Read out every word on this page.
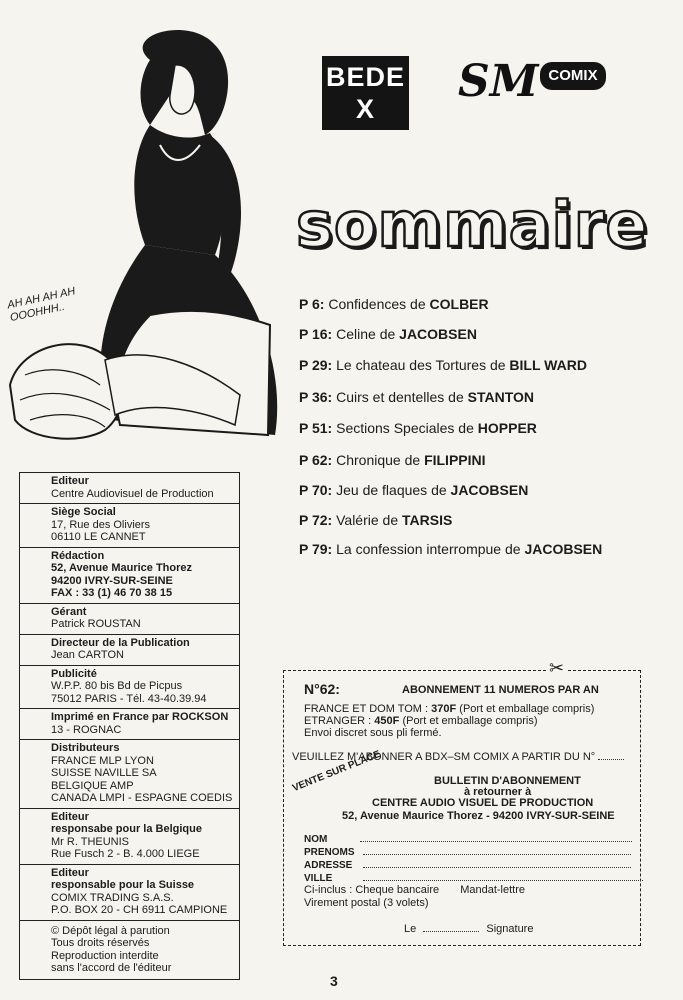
BEDE
X
SM COMIX
sommaire
AH AH AH AH OOOHHH..	P 6: Confidences de COLBER
P 16: Celine de JACOBSEN
P 29: Le chateau des Tortures de BILL WARD
P 36: Cuirs et dentelles de STANTON
P 51: Sections Speciales de HOPPER
P 62: Chronique de FILIPPINI
P 70: Jeu de flaques de JACOBSEN
P 72: Valérie de TARSIS
P 79: La confession interrompue de JACOBSEN
Editeur
Centre Audiovisuel de Production
Siège Social
17, Rue des Oliviers
06110 LE CANNET
Rédaction
52, Avenue Maurice Thorez
94200 IVRY-SUR-SEINE
FAX : 33 (1) 46 70 38 15
Gérant
Patrick ROUSTAN
Directeur de la Publication
Jean CARTON
Publicité
W.P.P. 80 bis Bd de Picpus
75012 PARIS - Tél. 43-40.39.94
Imprimé en France par ROCKSON
13 - ROGNAC
Distributeurs
FRANCE MLP LYON
SUISSE NAVILLE SA
BELGIQUE AMP
CANADA LMPI - ESPAGNE COEDIS
Editeur
responsabe pour la Belgique
Mr R. THEUNIS
Rue Fusch 2 - B. 4.000 LIEGE
Editeur
responsable pour la Suisse
COMIX TRADING S.A.S.
P.O. BOX 20 - CH 6911 CAMPIONE
© Dépôt légal à parution
Tous droits réservés
Reproduction interdite
sans l'accord de l'éditeur
✂
N°62:	ABONNEMENT 11 NUMEROS PAR AN
FRANCE ET DOM TOM : 370F (Port et emballage compris)
ETRANGER : 450F (Port et emballage compris)
Envoi discret sous pli fermé.
VEUILLEZ M'ABONNER A BDX–SM COMIX A PARTIR DU N°
BULLETIN D'ABONNEMENT
à retourner à
CENTRE AUDIO VISUEL DE PRODUCTION
52, Avenue Maurice Thorez - 94200 IVRY-SUR-SEINE
VENTE SUR PLACE
NOM
PRENOMS
ADRESSE
VILLE
Ci-inclus : Cheque bancaire Mandat-lettre
Virement postal (3 volets)
Le	Signature
3
